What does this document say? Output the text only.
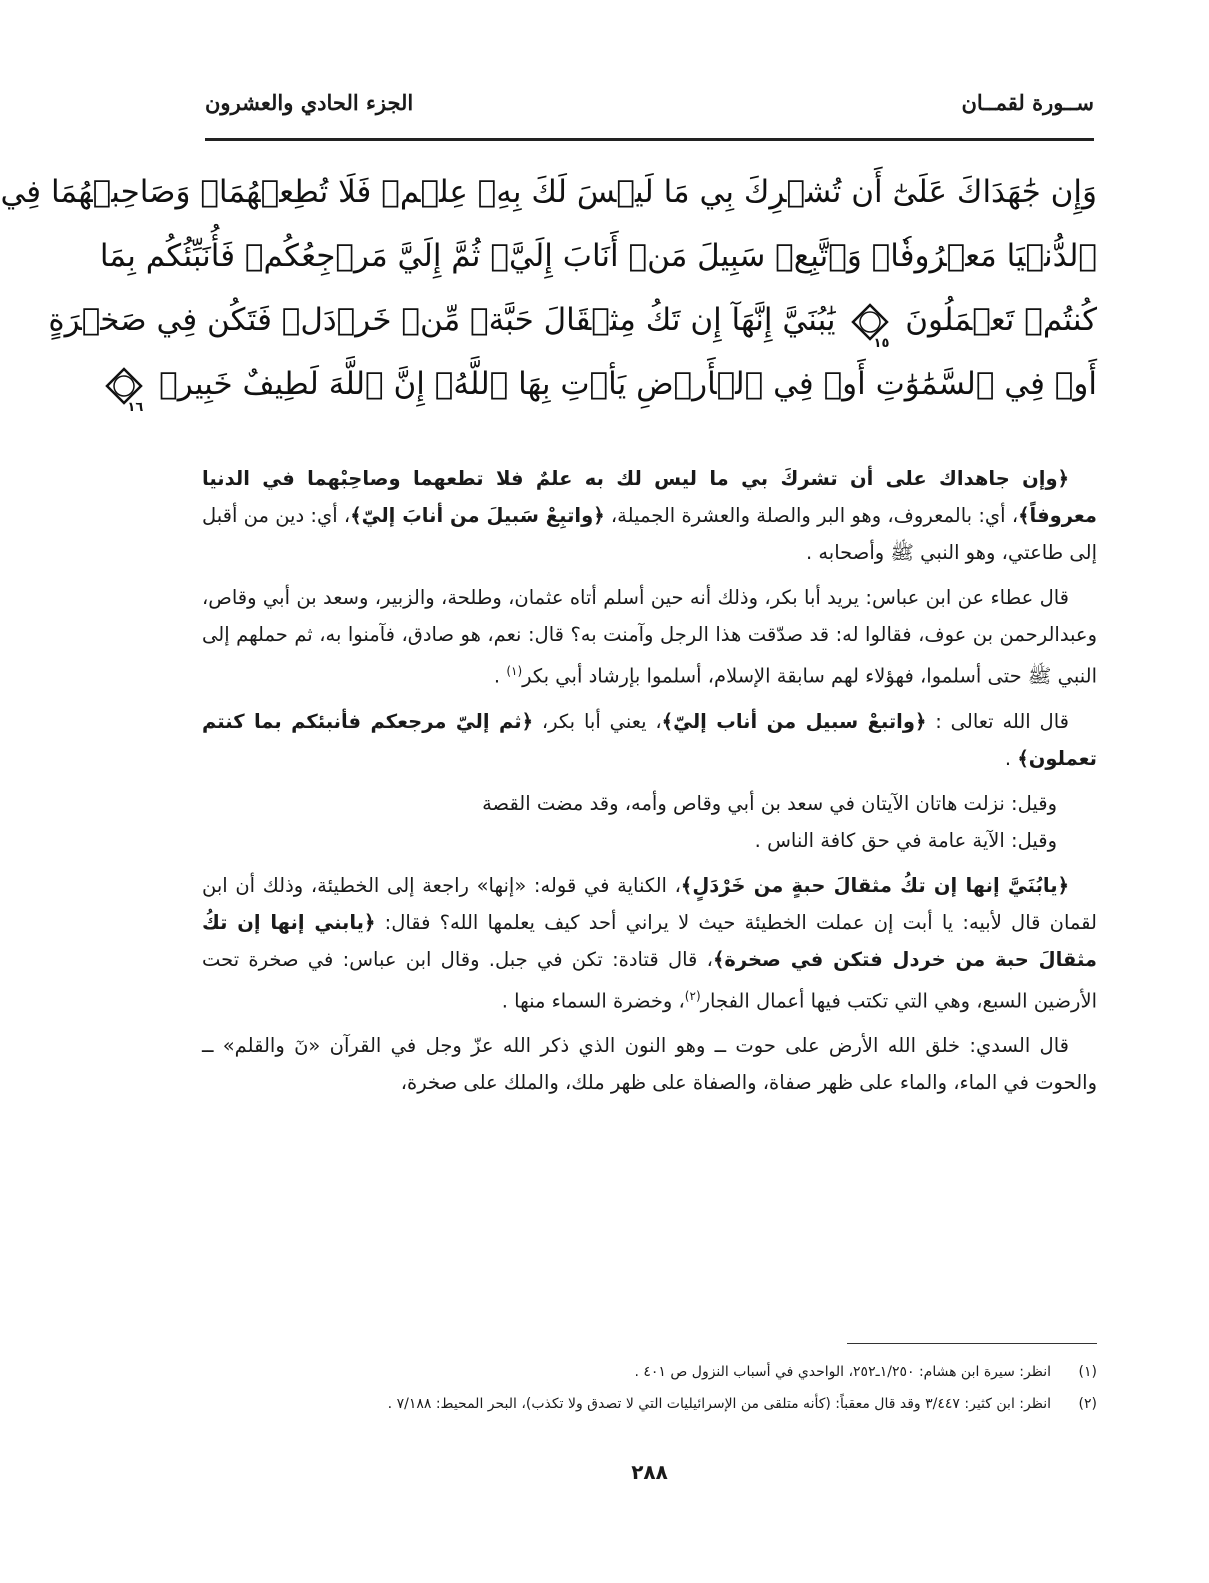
ســورة لقمــان
الجزء الحادي والعشرون
وَإِن جَٰهَدَاكَ عَلَىٰٓ أَن تُشۡرِكَ بِي مَا لَيۡسَ لَكَ بِهِۦ عِلۡمٞ فَلَا تُطِعۡهُمَاۖ وَصَاحِبۡهُمَا فِي
ٱلدُّنۡيَا مَعۡرُوفٗاۖ وَٱتَّبِعۡ سَبِيلَ مَنۡ أَنَابَ إِلَيَّۚ ثُمَّ إِلَيَّ مَرۡجِعُكُمۡ فَأُنَبِّئُكُم بِمَا
كُنتُمۡ تَعۡمَلُونَ
١٥
يَٰبُنَيَّ إِنَّهَآ إِن تَكُ مِثۡقَالَ حَبَّةٖ مِّنۡ خَرۡدَلٖ فَتَكُن فِي صَخۡرَةٍ
أَوۡ فِي ٱلسَّمَٰوَٰتِ أَوۡ فِي ٱلۡأَرۡضِ يَأۡتِ بِهَا ٱللَّهُۚ إِنَّ ٱللَّهَ لَطِيفٌ خَبِيرٞ
١٦

﴿وإن جاهداك على أن تشركَ بي ما ليس لك به علمٌ فلا تطعهما وصاحِبْهما في الدنيا معروفاً﴾، أي: بالمعروف، وهو البر والصلة والعشرة الجميلة، ﴿واتبِعْ سَبيلَ من أنابَ إليّ﴾، أي: دين من أقبل إلى طاعتي، وهو النبي ﷺ وأصحابه .

قال عطاء عن ابن عباس: يريد أبا بكر، وذلك أنه حين أسلم أتاه عثمان، وطلحة، والزبير، وسعد بن أبي وقاص، وعبدالرحمن بن عوف، فقالوا له: قد صدّقت هذا الرجل وآمنت به؟ قال: نعم، هو صادق، فآمنوا به، ثم حملهم إلى النبي ﷺ حتى أسلموا، فهؤلاء لهم سابقة الإسلام، أسلموا بإرشاد أبي بكر$^{(١)}$ .

قال الله تعالى : ﴿واتبعْ سبيل من أناب إليّ﴾، يعني أبا بكر، ﴿ثم إليّ مرجعكم فأنبئكم بما كنتم تعملون﴾ .

وقيل: نزلت هاتان الآيتان في سعد بن أبي وقاص وأمه، وقد مضت القصة

وقيل: الآية عامة في حق كافة الناس .

﴿يابُنَيَّ إنها إن تكُ مثقالَ حبةٍ من خَرْدَلٍ﴾، الكناية في قوله: «إنها» راجعة إلى الخطيئة، وذلك أن ابن لقمان قال لأبيه: يا أبت إن عملت الخطيئة حيث لا يراني أحد كيف يعلمها الله؟ فقال: ﴿يابني إنها إن تكُ مثقالَ حبة من خردل فتكن في صخرة﴾، قال قتادة: تكن في جبل. وقال ابن عباس: في صخرة تحت الأرضين السبع، وهي التي تكتب فيها أعمال الفجار$^{(٢)}$، وخضرة السماء منها .

قال السدي: خلق الله الأرض على حوت ــ وهو النون الذي ذكر الله عزّ وجل في القرآن «نٓ والقلم» ــ والحوت في الماء، والماء على ظهر صفاة، والصفاة على ظهر ملك، والملك على صخرة،

(١)
انظر: سيرة ابن هشام: ١/٢٥٠ـ٢٥٢، الواحدي في أسباب النزول ص ٤٠١ .
(٢)
انظر: ابن كثير: ٣/٤٤٧ وقد قال معقباً: (كأنه متلقى من الإسرائيليات التي لا تصدق ولا تكذب)، البحر المحيط: ٧/١٨٨ .
٢٨٨
